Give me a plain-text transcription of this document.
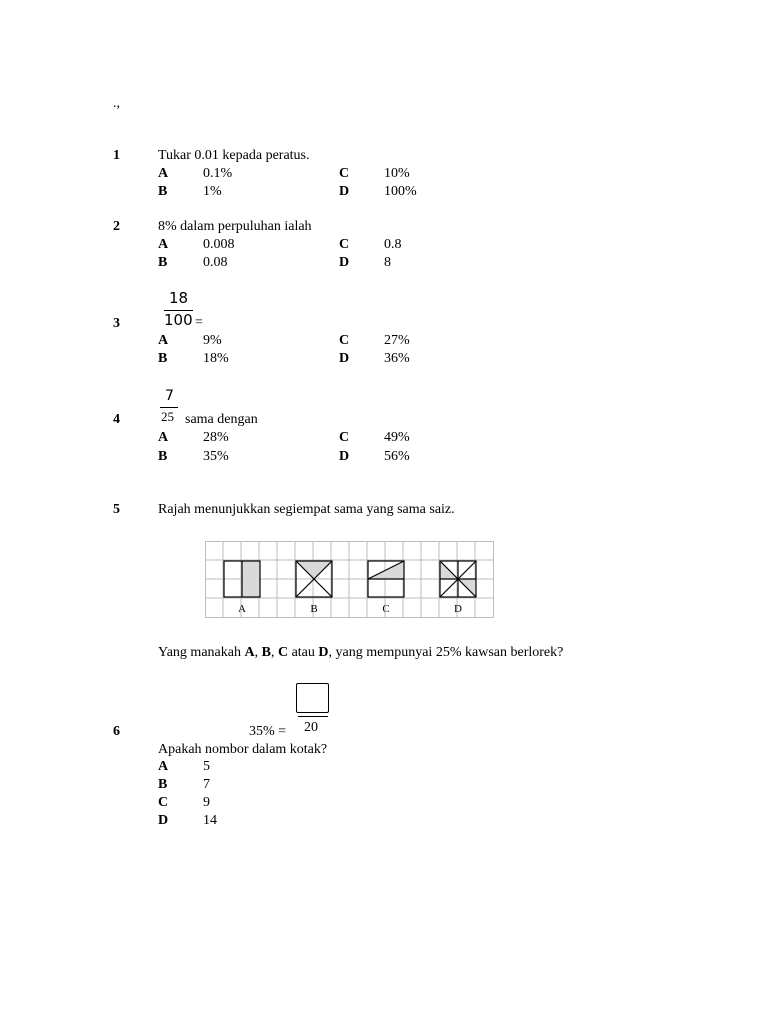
.,
1	Tukar 0.01 kepada peratus.
A 0.1%
B	1%
C 10%
D 100%
2	8% dalam perpuluhan ialah
A 0.008
B	0.08
C 0.8
D 8
18
100 =
3
A 9%
B	18%
C 27%
D 36%
7
25 sama dengan
4
A 28%
B	35%
C 49%
D 56%
5	Rajah menunjukkan segiempat sama yang sama saiz.
A	B	C	D
Yang manakah A, B, C atau D, yang mempunyai 25% kawsan berlorek?
20
35% =
6
Apakah nombor dalam kotak?
A 5
B	7
C 9
D 14
